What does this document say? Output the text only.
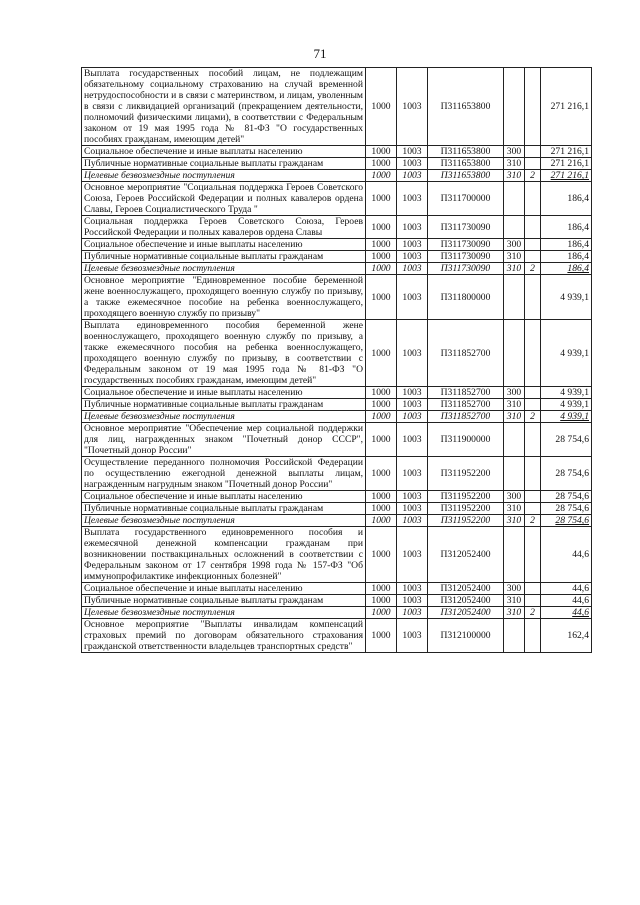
71
Выплата государственных пособий лицам, не подлежащим обязательному социальному страхованию на случай временной нетрудоспособности и в связи с материнством, и лицам, уволенным в связи с ликвидацией организаций (прекращением деятельности, полномочий физическими лицами), в соответствии с Федеральным законом от 19 мая 1995 года № 81-ФЗ "О государственных пособиях гражданам, имеющим детей"	1000	1003	П311653800			271 216,1
Социальное обеспечение и иные выплаты населению	1000	1003	П311653800	300		271 216,1
Публичные нормативные социальные выплаты гражданам	1000	1003	П311653800	310		271 216,1
Целевые безвозмездные поступления	1000	1003	П311653800	310	2	271 216,1
Основное мероприятие "Социальная поддержка Героев Советского Союза, Героев Российской Федерации и полных кавалеров ордена Славы, Героев Социалистического Труда "	1000	1003	П311700000			186,4
Социальная поддержка Героев Советского Союза, Героев Российской Федерации и полных кавалеров ордена Славы	1000	1003	П311730090			186,4
Социальное обеспечение и иные выплаты населению	1000	1003	П311730090	300		186,4
Публичные нормативные социальные выплаты гражданам	1000	1003	П311730090	310		186,4
Целевые безвозмездные поступления	1000	1003	П311730090	310	2	186,4
Основное мероприятие "Единовременное пособие беременной жене военнослужащего, проходящего военную службу по призыву, а также ежемесячное пособие на ребенка военнослужащего, проходящего военную службу по призыву"	1000	1003	П311800000			4 939,1
Выплата единовременного пособия беременной жене военнослужащего, проходящего военную службу по призыву, а также ежемесячного пособия на ребенка военнослужащего, проходящего военную службу по призыву, в соответствии с Федеральным законом от 19 мая 1995 года № 81-ФЗ "О государственных пособиях гражданам, имеющим детей"	1000	1003	П311852700			4 939,1
Социальное обеспечение и иные выплаты населению	1000	1003	П311852700	300		4 939,1
Публичные нормативные социальные выплаты гражданам	1000	1003	П311852700	310		4 939,1
Целевые безвозмездные поступления	1000	1003	П311852700	310	2	4 939,1
Основное мероприятие "Обеспечение мер социальной поддержки для лиц, награжденных знаком "Почетный донор СССР", "Почетный донор России"	1000	1003	П311900000			28 754,6
Осуществление переданного полномочия Российской Федерации по осуществлению ежегодной денежной выплаты лицам, награжденным нагрудным знаком "Почетный донор России"	1000	1003	П311952200			28 754,6
Социальное обеспечение и иные выплаты населению	1000	1003	П311952200	300		28 754,6
Публичные нормативные социальные выплаты гражданам	1000	1003	П311952200	310		28 754,6
Целевые безвозмездные поступления	1000	1003	П311952200	310	2	28 754,6
Выплата государственного единовременного пособия и ежемесячной денежной компенсации гражданам при возникновении поствакцинальных осложнений в соответствии с Федеральным законом от 17 сентября 1998 года № 157-ФЗ "Об иммунопрофилактике инфекционных болезней"	1000	1003	П312052400			44,6
Социальное обеспечение и иные выплаты населению	1000	1003	П312052400	300		44,6
Публичные нормативные социальные выплаты гражданам	1000	1003	П312052400	310		44,6
Целевые безвозмездные поступления	1000	1003	П312052400	310	2	44,6
Основное мероприятие "Выплаты инвалидам компенсаций страховых премий по договорам обязательного страхования гражданской ответственности владельцев транспортных средств"	1000	1003	П312100000			162,4
